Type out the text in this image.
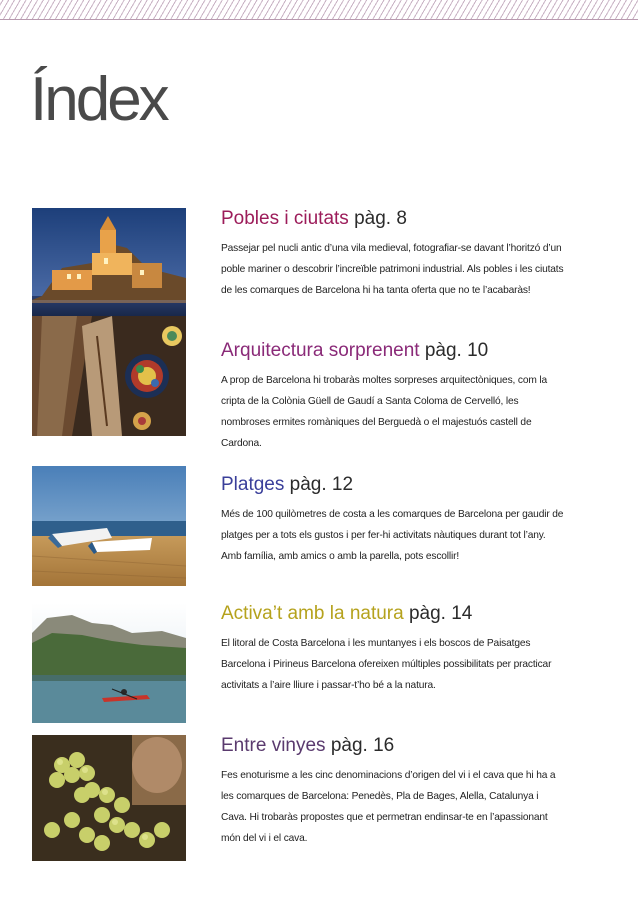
Índex
Pobles i ciutats pàg. 8

Passejar pel nucli antic d’una vila medieval, fotografiar-se davant l’horitzó d’un poble mariner o descobrir l’increïble patrimoni industrial. Als pobles i les ciutats de les comarques de Barcelona hi ha tanta oferta que no te l’acabaràs!

Arquitectura sorprenent pàg. 10

A prop de Barcelona hi trobaràs moltes sorpreses arquitectòniques, com la cripta de la Colònia Güell de Gaudí a Santa Coloma de Cervelló, les nombroses ermites romàniques del Berguedà o el majestuós castell de Cardona.

Platges pàg. 12

Més de 100 quilòmetres de costa a les comarques de Barcelona per gaudir de platges per a tots els gustos i per fer-hi activitats nàutiques durant tot l’any. Amb família, amb amics o amb la parella, pots escollir!

Activa’t amb la natura pàg. 14

El litoral de Costa Barcelona i les muntanyes i els boscos de Paisatges Barcelona i Pirineus Barcelona ofereixen múltiples possibilitats per practicar activitats a l’aire lliure i passar-t’ho bé a la natura.

Entre vinyes pàg. 16

Fes enoturisme a les cinc denominacions d’origen del vi i el cava que hi ha a les comarques de Barcelona: Penedès, Pla de Bages, Alella, Catalunya i Cava. Hi trobaràs propostes que et permetran endinsar-te en l’apassionant món del vi i el cava.
